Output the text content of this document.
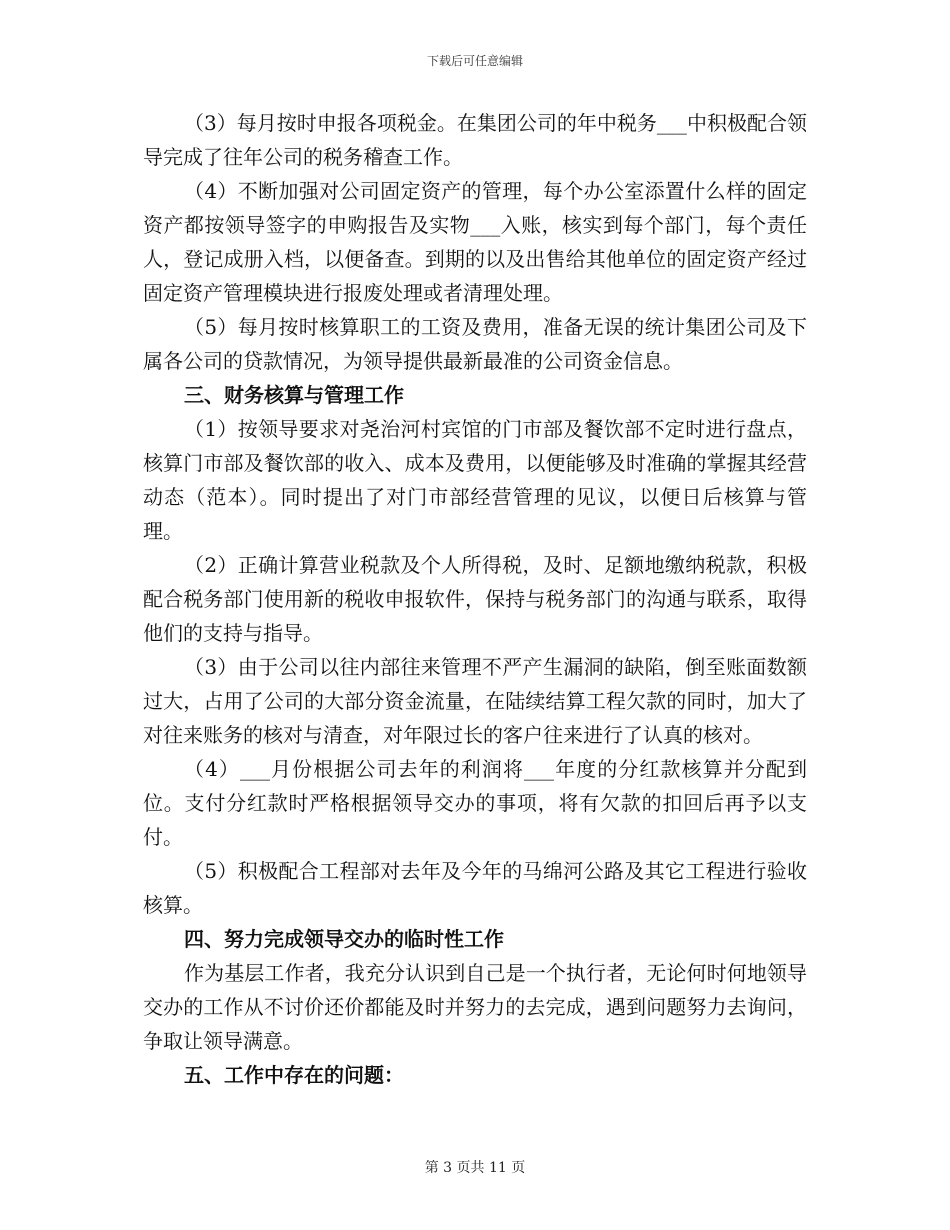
下载后可任意编辑

（3）每月按时申报各项税金。在集团公司的年中税务___中积极配合领导完成了往年公司的税务稽查工作。

（4）不断加强对公司固定资产的管理，每个办公室添置什么样的固定资产都按领导签字的申购报告及实物___入账，核实到每个部门，每个责任人，登记成册入档，以便备查。到期的以及出售给其他单位的固定资产经过固定资产管理模块进行报废处理或者清理处理。

（5）每月按时核算职工的工资及费用，准备无误的统计集团公司及下属各公司的贷款情况，为领导提供最新最准的公司资金信息。

三、财务核算与管理工作

（1）按领导要求对尧治河村宾馆的门市部及餐饮部不定时进行盘点，核算门市部及餐饮部的收入、成本及费用，以便能够及时准确的掌握其经营动态（范本）。同时提出了对门市部经营管理的见议，以便日后核算与管理。

（2）正确计算营业税款及个人所得税，及时、足额地缴纳税款，积极配合税务部门使用新的税收申报软件，保持与税务部门的沟通与联系，取得他们的支持与指导。

（3）由于公司以往内部往来管理不严产生漏洞的缺陷，倒至账面数额过大，占用了公司的大部分资金流量，在陆续结算工程欠款的同时，加大了对往来账务的核对与清查，对年限过长的客户往来进行了认真的核对。

（4）___月份根据公司去年的利润将___年度的分红款核算并分配到位。支付分红款时严格根据领导交办的事项，将有欠款的扣回后再予以支付。

（5）积极配合工程部对去年及今年的马绵河公路及其它工程进行验收核算。

四、努力完成领导交办的临时性工作

作为基层工作者，我充分认识到自己是一个执行者，无论何时何地领导交办的工作从不讨价还价都能及时并努力的去完成，遇到问题努力去询问，争取让领导满意。

五、工作中存在的问题：

第 3 页共 11 页
